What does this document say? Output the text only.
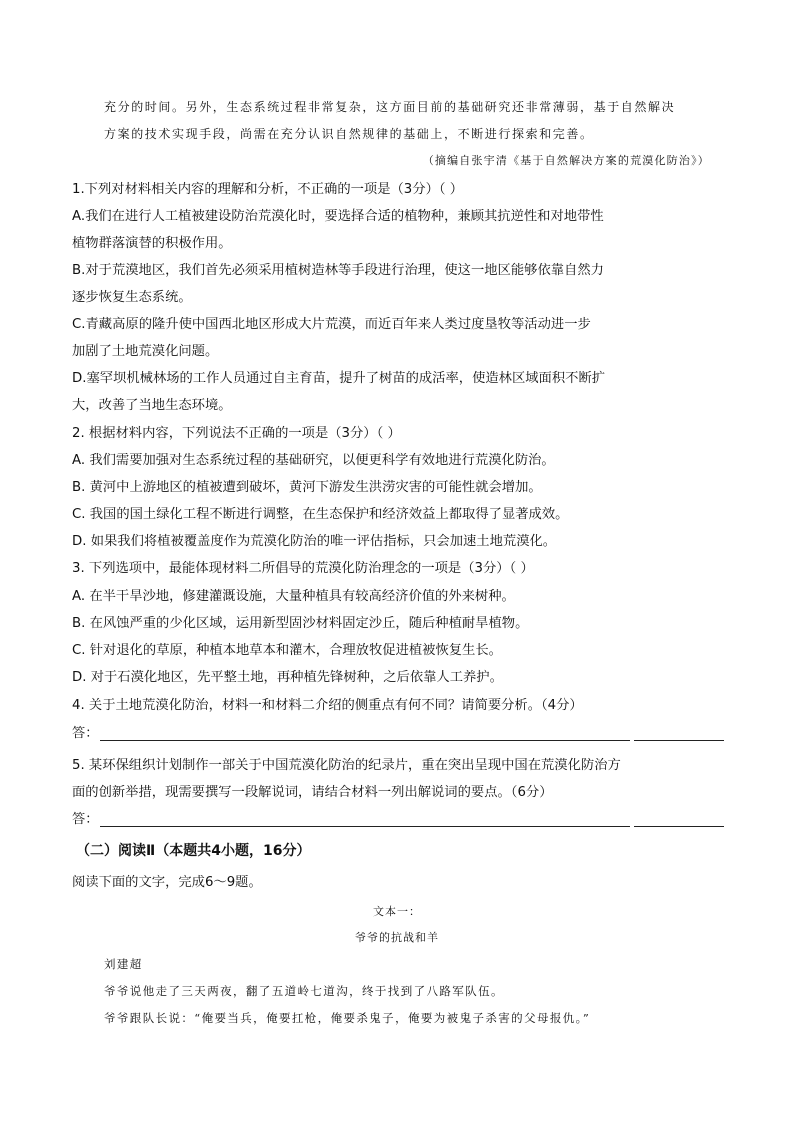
充分的时间。另外，生态系统过程非常复杂，这方面目前的基础研究还非常薄弱，基于自然解决
方案的技术实现手段，尚需在充分认识自然规律的基础上，不断进行探索和完善。
（摘编自张宇清《基于自然解决方案的荒漠化防治》）
1.下列对材料相关内容的理解和分析，不正确的一项是（3分）（ ）
A.我们在进行人工植被建设防治荒漠化时，要选择合适的植物种，兼顾其抗逆性和对地带性
植物群落演替的积极作用。
B.对于荒漠地区，我们首先必须采用植树造林等手段进行治理，使这一地区能够依靠自然力
逐步恢复生态系统。
C.青藏高原的隆升使中国西北地区形成大片荒漠，而近百年来人类过度垦牧等活动进一步
加剧了土地荒漠化问题。
D.塞罕坝机械林场的工作人员通过自主育苗，提升了树苗的成活率，使造林区域面积不断扩
大，改善了当地生态环境。
2. 根据材料内容，下列说法不正确的一项是（3分）（ ）
A. 我们需要加强对生态系统过程的基础研究，以便更科学有效地进行荒漠化防治。
B. 黄河中上游地区的植被遭到破坏，黄河下游发生洪涝灾害的可能性就会增加。
C. 我国的国土绿化工程不断进行调整，在生态保护和经济效益上都取得了显著成效。
D. 如果我们将植被覆盖度作为荒漠化防治的唯一评估指标，只会加速土地荒漠化。
3. 下列选项中，最能体现材料二所倡导的荒漠化防治理念的一项是（3分）（ ）
A. 在半干旱沙地，修建灌溉设施，大量种植具有较高经济价值的外来树种。
B. 在风蚀严重的少化区域，运用新型固沙材料固定沙丘，随后种植耐旱植物。
C. 针对退化的草原，种植本地草本和灌木，合理放牧促进植被恢复生长。
D. 对于石漠化地区，先平整土地，再种植先锋树种，之后依靠人工养护。
4. 关于土地荒漠化防治，材料一和材料二介绍的侧重点有何不同？请简要分析。（4分）
答：
5. 某环保组织计划制作一部关于中国荒漠化防治的纪录片，重在突出呈现中国在荒漠化防治方
面的创新举措，现需要撰写一段解说词，请结合材料一列出解说词的要点。（6分）
答：
（二）阅读Ⅱ（本题共4小题，16分）
阅读下面的文字，完成6～9题。
文本一：
爷爷的抗战和羊
刘建超
爷爷说他走了三天两夜，翻了五道岭七道沟，终于找到了八路军队伍。
爷爷跟队长说：“俺要当兵，俺要扛枪，俺要杀鬼子，俺要为被鬼子杀害的父母报仇。”
